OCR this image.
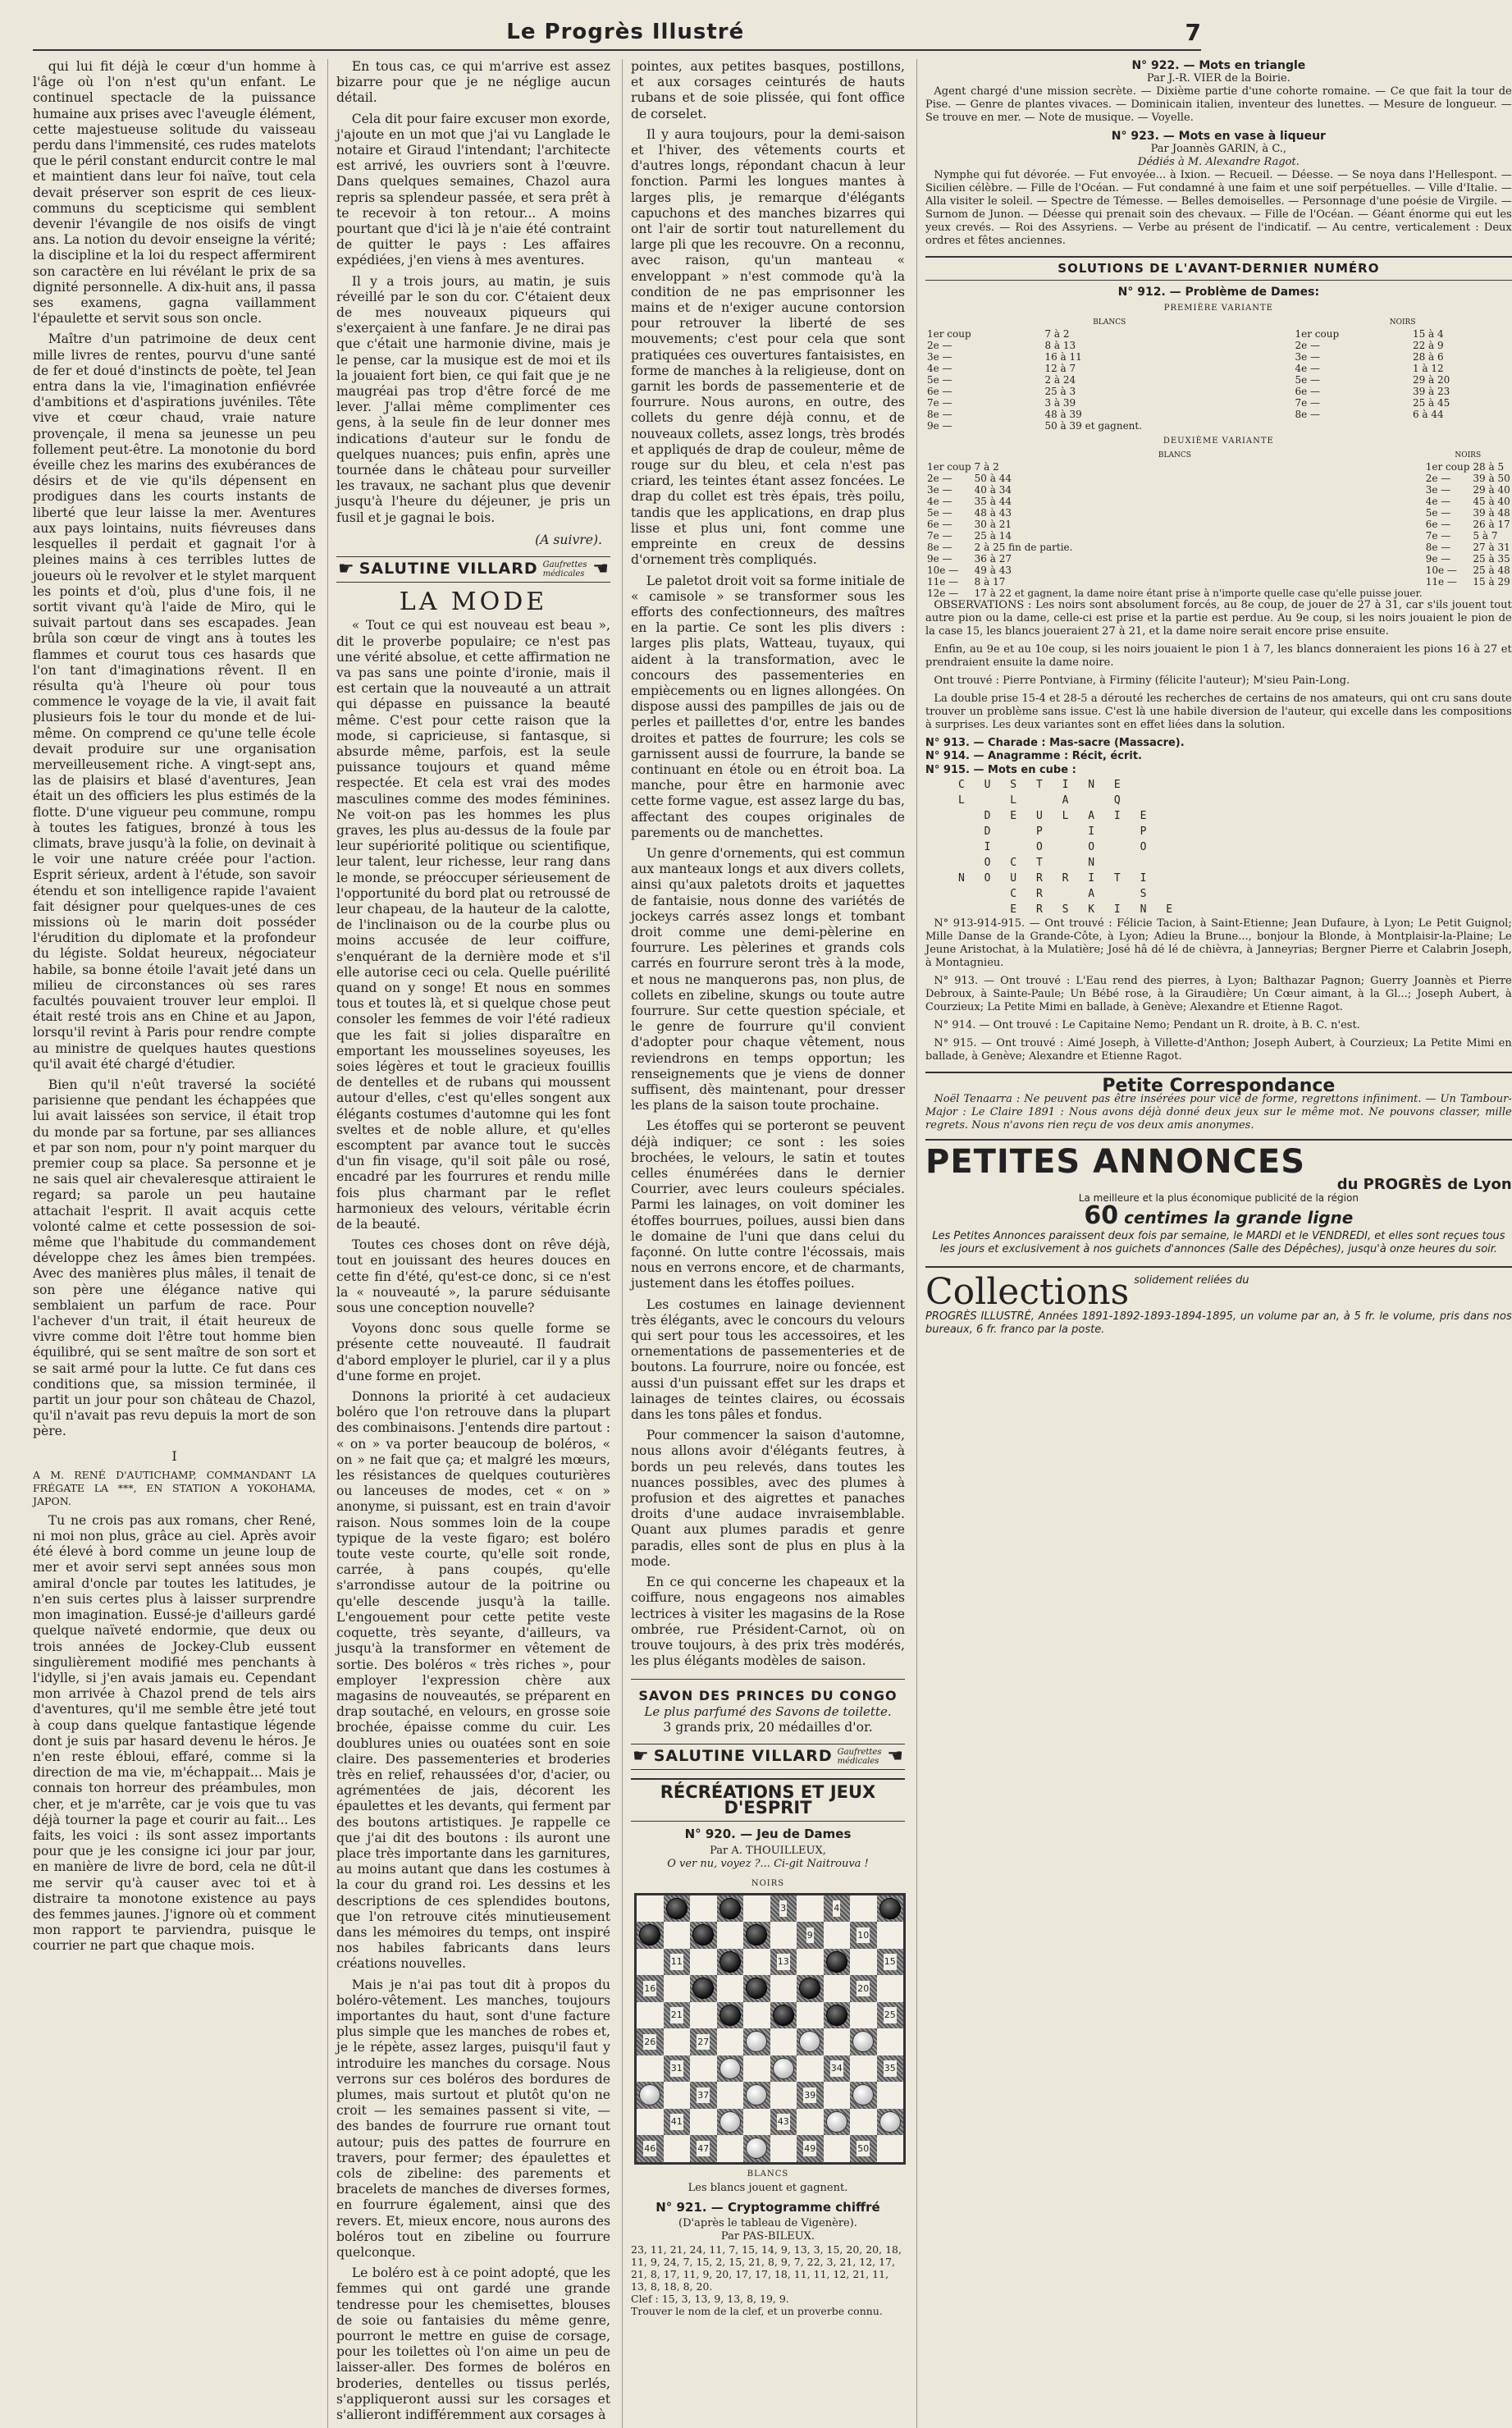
Le Progrès Illustré	7

qui lui fit déjà le cœur d'un homme à l'âge où l'on n'est qu'un enfant. Le continuel spectacle de la puissance humaine aux prises avec l'aveugle élément, cette majestueuse solitude du vaisseau perdu dans l'immensité, ces rudes matelots que le péril constant endurcit contre le mal et maintient dans leur foi naïve, tout cela devait préserver son esprit de ces lieux-communs du scepticisme qui semblent devenir l'évangile de nos oisifs de vingt ans. La notion du devoir enseigne la vérité; la discipline et la loi du respect affermirent son caractère en lui révélant le prix de sa dignité personnelle. A dix-huit ans, il passa ses examens, gagna vaillamment l'épaulette et servit sous son oncle.

Maître d'un patrimoine de deux cent mille livres de rentes, pourvu d'une santé de fer et doué d'instincts de poète, tel Jean entra dans la vie, l'imagination enfiévrée d'ambitions et d'aspirations juvéniles. Tête vive et cœur chaud, vraie nature provençale, il mena sa jeunesse un peu follement peut-être. La monotonie du bord éveille chez les marins des exubérances de désirs et de vie qu'ils dépensent en prodigues dans les courts instants de liberté que leur laisse la mer. Aventures aux pays lointains, nuits fiévreuses dans lesquelles il perdait et gagnait l'or à pleines mains à ces terribles luttes de joueurs où le revolver et le stylet marquent les points et d'où, plus d'une fois, il ne sortit vivant qu'à l'aide de Miro, qui le suivait partout dans ses escapades. Jean brûla son cœur de vingt ans à toutes les flammes et courut tous ces hasards que l'on tant d'imaginations rêvent. Il en résulta qu'à l'heure où pour tous commence le voyage de la vie, il avait fait plusieurs fois le tour du monde et de lui-même. On comprend ce qu'une telle école devait produire sur une organisation merveilleusement riche. A vingt-sept ans, las de plaisirs et blasé d'aventures, Jean était un des officiers les plus estimés de la flotte. D'une vigueur peu commune, rompu à toutes les fatigues, bronzé à tous les climats, brave jusqu'à la folie, on devinait à le voir une nature créée pour l'action. Esprit sérieux, ardent à l'étude, son savoir étendu et son intelligence rapide l'avaient fait désigner pour quelques-unes de ces missions où le marin doit posséder l'érudition du diplomate et la profondeur du légiste. Soldat heureux, négociateur habile, sa bonne étoile l'avait jeté dans un milieu de circonstances où ses rares facultés pouvaient trouver leur emploi. Il était resté trois ans en Chine et au Japon, lorsqu'il revint à Paris pour rendre compte au ministre de quelques hautes questions qu'il avait été chargé d'étudier.

Bien qu'il n'eût traversé la société parisienne que pendant les échappées que lui avait laissées son service, il était trop du monde par sa fortune, par ses alliances et par son nom, pour n'y point marquer du premier coup sa place. Sa personne et je ne sais quel air chevaleresque attiraient le regard; sa parole un peu hautaine attachait l'esprit. Il avait acquis cette volonté calme et cette possession de soi-même que l'habitude du commandement développe chez les âmes bien trempées. Avec des manières plus mâles, il tenait de son père une élégance native qui semblaient un parfum de race. Pour l'achever d'un trait, il était heureux de vivre comme doit l'être tout homme bien équilibré, qui se sent maître de son sort et se sait armé pour la lutte. Ce fut dans ces conditions que, sa mission terminée, il partit un jour pour son château de Chazol, qu'il n'avait pas revu depuis la mort de son père.

I

A M. RENÉ D'AUTICHAMP, COMMANDANT LA FRÉGATE LA ***, EN STATION A YOKOHAMA, JAPON.

Tu ne crois pas aux romans, cher René, ni moi non plus, grâce au ciel. Après avoir été élevé à bord comme un jeune loup de mer et avoir servi sept années sous mon amiral d'oncle par toutes les latitudes, je n'en suis certes plus à laisser surprendre mon imagination. Eussé-je d'ailleurs gardé quelque naïveté endormie, que deux ou trois années de Jockey-Club eussent singulièrement modifié mes penchants à l'idylle, si j'en avais jamais eu. Cependant mon arrivée à Chazol prend de tels airs d'aventures, qu'il me semble être jeté tout à coup dans quelque fantastique légende dont je suis par hasard devenu le héros. Je n'en reste ébloui, effaré, comme si la direction de ma vie, m'échappait... Mais je connais ton horreur des préambules, mon cher, et je m'arrête, car je vois que tu vas déjà tourner la page et courir au fait... Les faits, les voici : ils sont assez importants pour que je les consigne ici jour par jour, en manière de livre de bord, cela ne dût-il me servir qu'à causer avec toi et à distraire ta monotone existence au pays des femmes jaunes. J'ignore où et comment mon rapport te parviendra, puisque le courrier ne part que chaque mois.

En tous cas, ce qui m'arrive est assez bizarre pour que je ne néglige aucun détail.

Cela dit pour faire excuser mon exorde, j'ajoute en un mot que j'ai vu Langlade le notaire et Giraud l'intendant; l'architecte est arrivé, les ouvriers sont à l'œuvre. Dans quelques semaines, Chazol aura repris sa splendeur passée, et sera prêt à te recevoir à ton retour... A moins pourtant que d'ici là je n'aie été contraint de quitter le pays : Les affaires expédiées, j'en viens à mes aventures.

Il y a trois jours, au matin, je suis réveillé par le son du cor. C'étaient deux de mes nouveaux piqueurs qui s'exerçaient à une fanfare. Je ne dirai pas que c'était une harmonie divine, mais je le pense, car la musique est de moi et ils la jouaient fort bien, ce qui fait que je ne maugréai pas trop d'être forcé de me lever. J'allai même complimenter ces gens, à la seule fin de leur donner mes indications d'auteur sur le fondu de quelques nuances; puis enfin, après une tournée dans le château pour surveiller les travaux, ne sachant plus que devenir jusqu'à l'heure du déjeuner, je pris un fusil et je gagnai le bois.

(A suivre).
☛ SALUTINE VILLARD Gaufrettes médicales ☚
LA MODE

« Tout ce qui est nouveau est beau », dit le proverbe populaire; ce n'est pas une vérité absolue, et cette affirmation ne va pas sans une pointe d'ironie, mais il est certain que la nouveauté a un attrait qui dépasse en puissance la beauté même. C'est pour cette raison que la mode, si capricieuse, si fantasque, si absurde même, parfois, est la seule puissance toujours et quand même respectée. Et cela est vrai des modes masculines comme des modes féminines. Ne voit-on pas les hommes les plus graves, les plus au-dessus de la foule par leur supériorité politique ou scientifique, leur talent, leur richesse, leur rang dans le monde, se préoccuper sérieusement de l'opportunité du bord plat ou retroussé de leur chapeau, de la hauteur de la calotte, de l'inclinaison ou de la courbe plus ou moins accusée de leur coiffure, s'enquérant de la dernière mode et s'il elle autorise ceci ou cela. Quelle puérilité quand on y songe! Et nous en sommes tous et toutes là, et si quelque chose peut consoler les femmes de voir l'été radieux que les fait si jolies disparaître en emportant les mousselines soyeuses, les soies légères et tout le gracieux fouillis de dentelles et de rubans qui moussent autour d'elles, c'est qu'elles songent aux élégants costumes d'automne qui les font sveltes et de noble allure, et qu'elles escomptent par avance tout le succès d'un fin visage, qu'il soit pâle ou rosé, encadré par les fourrures et rendu mille fois plus charmant par le reflet harmonieux des velours, véritable écrin de la beauté.

Toutes ces choses dont on rêve déjà, tout en jouissant des heures douces en cette fin d'été, qu'est-ce donc, si ce n'est la « nouveauté », la parure séduisante sous une conception nouvelle?

Voyons donc sous quelle forme se présente cette nouveauté. Il faudrait d'abord employer le pluriel, car il y a plus d'une forme en projet.

Donnons la priorité à cet audacieux boléro que l'on retrouve dans la plupart des combinaisons. J'entends dire partout : « on » va porter beaucoup de boléros, « on » ne fait que ça; et malgré les mœurs, les résistances de quelques couturières ou lanceuses de modes, cet « on » anonyme, si puissant, est en train d'avoir raison. Nous sommes loin de la coupe typique de la veste figaro; est boléro toute veste courte, qu'elle soit ronde, carrée, à pans coupés, qu'elle s'arrondisse autour de la poitrine ou qu'elle descende jusqu'à la taille. L'engouement pour cette petite veste coquette, très seyante, d'ailleurs, va jusqu'à la transformer en vêtement de sortie. Des boléros « très riches », pour employer l'expression chère aux magasins de nouveautés, se préparent en drap soutaché, en velours, en grosse soie brochée, épaisse comme du cuir. Les doublures unies ou ouatées sont en soie claire. Des passementeries et broderies très en relief, rehaussées d'or, d'acier, ou agrémentées de jais, décorent les épaulettes et les devants, qui ferment par des boutons artistiques. Je rappelle ce que j'ai dit des boutons : ils auront une place très importante dans les garnitures, au moins autant que dans les costumes à la cour du grand roi. Les dessins et les descriptions de ces splendides boutons, que l'on retrouve cités minutieusement dans les mémoires du temps, ont inspiré nos habiles fabricants dans leurs créations nouvelles.

Mais je n'ai pas tout dit à propos du boléro-vêtement. Les manches, toujours importantes du haut, sont d'une facture plus simple que les manches de robes et, je le répète, assez larges, puisqu'il faut y introduire les manches du corsage. Nous verrons sur ces boléros des bordures de plumes, mais surtout et plutôt qu'on ne croit — les semaines passent si vite, — des bandes de fourrure rue ornant tout autour; puis des pattes de fourrure en travers, pour fermer; des épaulettes et cols de zibeline: des parements et bracelets de manches de diverses formes, en fourrure également, ainsi que des revers. Et, mieux encore, nous aurons des boléros tout en zibeline ou fourrure quelconque.

Le boléro est à ce point adopté, que les femmes qui ont gardé une grande tendresse pour les chemisettes, blouses de soie ou fantaisies du même genre, pourront le mettre en guise de corsage, pour les toilettes où l'on aime un peu de laisser-aller. Des formes de boléros en broderies, dentelles ou tissus perlés, s'appliqueront aussi sur les corsages et s'allieront indifféremment aux corsages à

pointes, aux petites basques, postillons, et aux corsages ceinturés de hauts rubans et de soie plissée, qui font office de corselet.

Il y aura toujours, pour la demi-saison et l'hiver, des vêtements courts et d'autres longs, répondant chacun à leur fonction. Parmi les longues mantes à larges plis, je remarque d'élégants capuchons et des manches bizarres qui ont l'air de sortir tout naturellement du large pli que les recouvre. On a reconnu, avec raison, qu'un manteau « enveloppant » n'est commode qu'à la condition de ne pas emprisonner les mains et de n'exiger aucune contorsion pour retrouver la liberté de ses mouvements; c'est pour cela que sont pratiquées ces ouvertures fantaisistes, en forme de manches à la religieuse, dont on garnit les bords de passementerie et de fourrure. Nous aurons, en outre, des collets du genre déjà connu, et de nouveaux collets, assez longs, très brodés et appliqués de drap de couleur, même de rouge sur du bleu, et cela n'est pas criard, les teintes étant assez foncées. Le drap du collet est très épais, très poilu, tandis que les applications, en drap plus lisse et plus uni, font comme une empreinte en creux de dessins d'ornement très compliqués.

Le paletot droit voit sa forme initiale de « camisole » se transformer sous les efforts des confectionneurs, des maîtres en la partie. Ce sont les plis divers : larges plis plats, Watteau, tuyaux, qui aident à la transformation, avec le concours des passementeries en empiècements ou en lignes allongées. On dispose aussi des pampilles de jais ou de perles et paillettes d'or, entre les bandes droites et pattes de fourrure; les cols se garnissent aussi de fourrure, la bande se continuant en étole ou en étroit boa. La manche, pour être en harmonie avec cette forme vague, est assez large du bas, affectant des coupes originales de parements ou de manchettes.

Un genre d'ornements, qui est commun aux manteaux longs et aux divers collets, ainsi qu'aux paletots droits et jaquettes de fantaisie, nous donne des variétés de jockeys carrés assez longs et tombant droit comme une demi-pèlerine en fourrure. Les pèlerines et grands cols carrés en fourrure seront très à la mode, et nous ne manquerons pas, non plus, de collets en zibeline, skungs ou toute autre fourrure. Sur cette question spéciale, et le genre de fourrure qu'il convient d'adopter pour chaque vêtement, nous reviendrons en temps opportun; les renseignements que je viens de donner suffisent, dès maintenant, pour dresser les plans de la saison toute prochaine.

Les étoffes qui se porteront se peuvent déjà indiquer; ce sont : les soies brochées, le velours, le satin et toutes celles énumérées dans le dernier Courrier, avec leurs couleurs spéciales. Parmi les lainages, on voit dominer les étoffes bourrues, poilues, aussi bien dans le domaine de l'uni que dans celui du façonné. On lutte contre l'écossais, mais nous en verrons encore, et de charmants, justement dans les étoffes poilues.

Les costumes en lainage deviennent très élégants, avec le concours du velours qui sert pour tous les accessoires, et les ornementations de passementeries et de boutons. La fourrure, noire ou foncée, est aussi d'un puissant effet sur les draps et lainages de teintes claires, ou écossais dans les tons pâles et fondus.

Pour commencer la saison d'automne, nous allons avoir d'élégants feutres, à bords un peu relevés, dans toutes les nuances possibles, avec des plumes à profusion et des aigrettes et panaches droits d'une audace invraisemblable. Quant aux plumes paradis et genre paradis, elles sont de plus en plus à la mode.

En ce qui concerne les chapeaux et la coiffure, nous engageons nos aimables lectrices à visiter les magasins de la Rose ombrée, rue Président-Carnot, où on trouve toujours, à des prix très modérés, les plus élégants modèles de saison.

SAVON DES PRINCES DU CONGO
Le plus parfumé des Savons de toilette.
3 grands prix, 20 médailles d'or.
☛ SALUTINE VILLARD Gaufrettes médicales ☚
RÉCRÉATIONS ET JEUX D'ESPRIT
N° 920. — Jeu de Dames
Par A. THOUILLEUX,
O ver nu, voyez ?... Ci-git Naitrouva !
NOIRS
3	4
9	10
11	13	15
16	20
21	25
26	27
31	34	35
37	39
41	43
46	47	49	50
BLANCS
Les blancs jouent et gagnent.
N° 921. — Cryptogramme chiffré
(D'après le tableau de Vigenère).
Par PAS-BILEUX.
23, 11, 21, 24, 11, 7, 15, 14, 9, 13, 3, 15, 20, 20, 18, 11, 9, 24, 7, 15, 2, 15, 21, 8, 9, 7, 22, 3, 21, 12, 17, 21, 8, 17, 11, 9, 20, 17, 17, 18, 11, 11, 12, 21, 11, 13, 8, 18, 8, 20.
Clef : 15, 3, 13, 9, 13, 8, 19, 9.
Trouver le nom de la clef, et un proverbe connu.
N° 922. — Mots en triangle
Par J.-R. VIER de la Boirie.

Agent chargé d'une mission secrète. — Dixième partie d'une cohorte romaine. — Ce que fait la tour de Pise. — Genre de plantes vivaces. — Dominicain italien, inventeur des lunettes. — Mesure de longueur. — Se trouve en mer. — Note de musique. — Voyelle.

N° 923. — Mots en vase à liqueur
Par Joannès GARIN, à C.,
Dédiés à M. Alexandre Ragot.

Nymphe qui fut dévorée. — Fut envoyée... à Ixion. — Recueil. — Déesse. — Se noya dans l'Hellespont. — Sicilien célèbre. — Fille de l'Océan. — Fut condamné à une faim et une soif perpétuelles. — Ville d'Italie. — Alla visiter le soleil. — Spectre de Témesse. — Belles demoiselles. — Personnage d'une poésie de Virgile. — Surnom de Junon. — Déesse qui prenait soin des chevaux. — Fille de l'Océan. — Géant énorme qui eut les yeux crevés. — Roi des Assyriens. — Verbe au présent de l'indicatif. — Au centre, verticalement : Deux ordres et fêtes anciennes.

SOLUTIONS DE L'AVANT-DERNIER NUMÉRO
N° 912. — Problème de Dames:
PREMIÈRE VARIANTE
BLANCS		NOIRS	
1er coup	7 à 2	1er coup	15 à 4
2e —	8 à 13	2e —	22 à 9
3e —	16 à 11	3e —	28 à 6
4e —	12 à 7	4e —	1 à 12
5e —	2 à 24	5e —	29 à 20
6e —	25 à 3	6e —	39 à 23
7e —	3 à 39	7e —	25 à 45
8e —	48 à 39	8e —	6 à 44
9e —	50 à 39 et gagnent.		
DEUXIÈME VARIANTE
BLANCS		NOIRS	
1er coup	7 à 2	1er coup	28 à 5
2e —	50 à 44	2e —	39 à 50
3e —	40 à 34	3e —	29 à 40
4e —	35 à 44	4e —	45 à 40
5e —	48 à 43	5e —	39 à 48
6e —	30 à 21	6e —	26 à 17
7e —	25 à 14	7e —	5 à 7
8e —	2 à 25 fin de partie.	8e —	27 à 31
9e —	36 à 27	9e —	25 à 35
10e —	49 à 43	10e —	25 à 48
11e —	8 à 17	11e —	15 à 29
12e —	17 à 22 et gagnent, la dame noire étant prise à n'importe quelle case qu'elle puisse jouer.		

OBSERVATIONS : Les noirs sont absolument forcés, au 8e coup, de jouer de 27 à 31, car s'ils jouent tout autre pion ou la dame, celle-ci est prise et la partie est perdue. Au 9e coup, si les noirs jouaient le pion de la case 15, les blancs joueraient 27 à 21, et la dame noire serait encore prise ensuite.

Enfin, au 9e et au 10e coup, si les noirs jouaient le pion 1 à 7, les blancs donneraient les pions 16 à 27 et prendraient ensuite la dame noire.

Ont trouvé : Pierre Pontviane, à Firminy (félicite l'auteur); M'sieu Pain-Long.

La double prise 15-4 et 28-5 a dérouté les recherches de certains de nos amateurs, qui ont cru sans doute trouver un problème sans issue. C'est là une habile diversion de l'auteur, qui excelle dans les compositions à surprises. Les deux variantes sont en effet liées dans la solution.

N° 913. — Charade : Mas-sacre (Massacre).
N° 914. — Anagramme : Récit, écrit.
N° 915. — Mots en cube :
C U S T I N E
L   L   A   Q
D E U L A I E
D   P   I   P
I   O   O   O
O C T   N
N O U R R I T I
C R   A   S
E R S K I N E

N° 913-914-915. — Ont trouvé : Félicie Tacion, à Saint-Etienne; Jean Dufaure, à Lyon; Le Petit Guignol; Mille Danse de la Grande-Côte, à Lyon; Adieu la Brune..., bonjour la Blonde, à Montplaisir-la-Plaine; Le Jeune Aristochat, à la Mulatière; José hâ dé lé de chièvra, à Janneyrias; Bergner Pierre et Calabrin Joseph, à Montagnieu.

N° 913. — Ont trouvé : L'Eau rend des pierres, à Lyon; Balthazar Pagnon; Guerry Joannès et Pierre Debroux, à Sainte-Paule; Un Bébé rose, à la Giraudière; Un Cœur aimant, à la Gl...; Joseph Aubert, à Courzieux; La Petite Mimi en ballade, à Genève; Alexandre et Etienne Ragot.

N° 914. — Ont trouvé : Le Capitaine Nemo; Pendant un R. droite, à B. C. n'est.

N° 915. — Ont trouvé : Aimé Joseph, à Villette-d'Anthon; Joseph Aubert, à Courzieux; La Petite Mimi en ballade, à Genève; Alexandre et Etienne Ragot.

Petite Correspondance

Noël Tenaarra : Ne peuvent pas être insérées pour vice de forme, regrettons infiniment. — Un Tambour-Major : Le Claire 1891 : Nous avons déjà donné deux jeux sur le même mot. Ne pouvons classer, mille regrets. Nous n'avons rien reçu de vos deux amis anonymes.

PETITES ANNONCES
du PROGRÈS de Lyon
La meilleure et la plus économique publicité de la région
60 centimes la grande ligne
Les Petites Annonces paraissent deux fois par semaine, le MARDI et le VENDREDI, et elles sont reçues tous les jours et exclusivement à nos guichets d'annonces (Salle des Dépêches), jusqu'à onze heures du soir.
Collections solidement reliées du
PROGRÈS ILLUSTRÉ, Années 1891-1892-1893-1894-1895, un volume par an, à 5 fr. le volume, pris dans nos bureaux, 6 fr. franco par la poste.
